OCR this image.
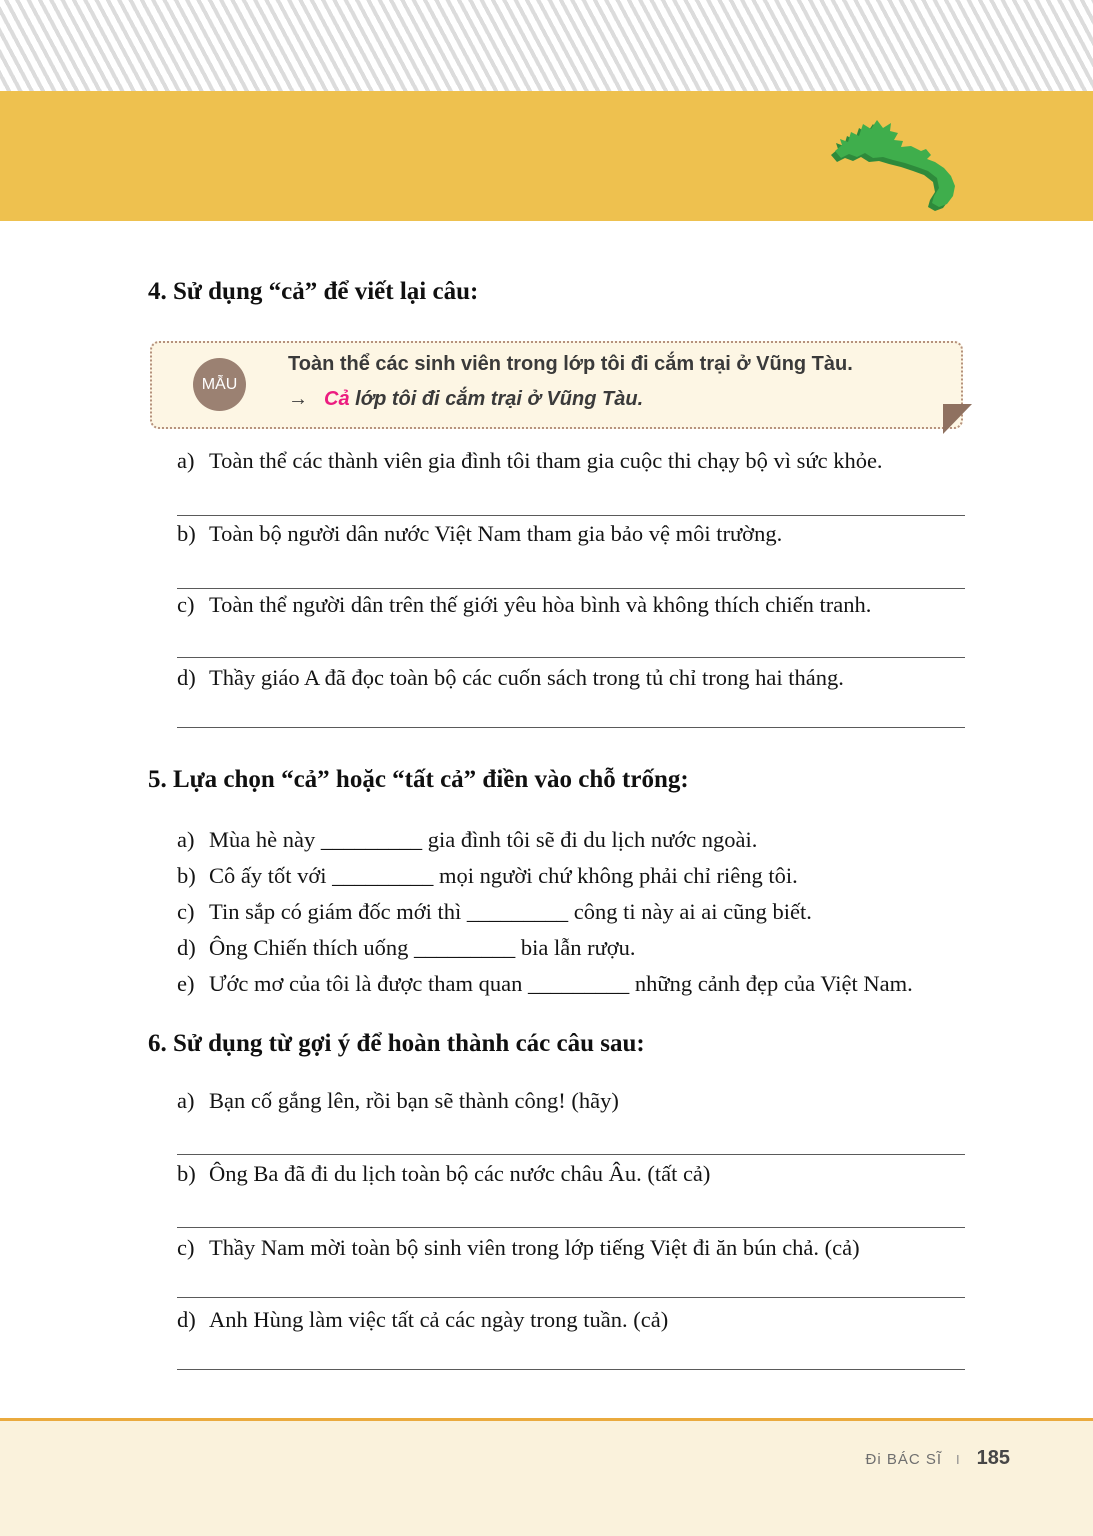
4. Sử dụng “cả” để viết lại câu:
MẪU
Toàn thể các sinh viên trong lớp tôi đi cắm trại ở Vũng Tàu.
→ Cả lớp tôi đi cắm trại ở Vũng Tàu.
a) Toàn thể các thành viên gia đình tôi tham gia cuộc thi chạy bộ vì sức khỏe.
b) Toàn bộ người dân nước Việt Nam tham gia bảo vệ môi trường.
c) Toàn thể người dân trên thế giới yêu hòa bình và không thích chiến tranh.
d) Thầy giáo A đã đọc toàn bộ các cuốn sách trong tủ chỉ trong hai tháng.
5. Lựa chọn “cả” hoặc “tất cả” điền vào chỗ trống:
a) Mùa hè này _________ gia đình tôi sẽ đi du lịch nước ngoài.
b) Cô ấy tốt với _________ mọi người chứ không phải chỉ riêng tôi.
c) Tin sắp có giám đốc mới thì _________ công ti này ai ai cũng biết.
d) Ông Chiến thích uống _________ bia lẫn rượu.
e) Ước mơ của tôi là được tham quan _________ những cảnh đẹp của Việt Nam.
6. Sử dụng từ gợi ý để hoàn thành các câu sau:
a) Bạn cố gắng lên, rồi bạn sẽ thành công! (hãy)
b) Ông Ba đã đi du lịch toàn bộ các nước châu Âu. (tất cả)
c) Thầy Nam mời toàn bộ sinh viên trong lớp tiếng Việt đi ăn bún chả. (cả)
d) Anh Hùng làm việc tất cả các ngày trong tuần. (cả)
Đi BÁC SĨ I 185
